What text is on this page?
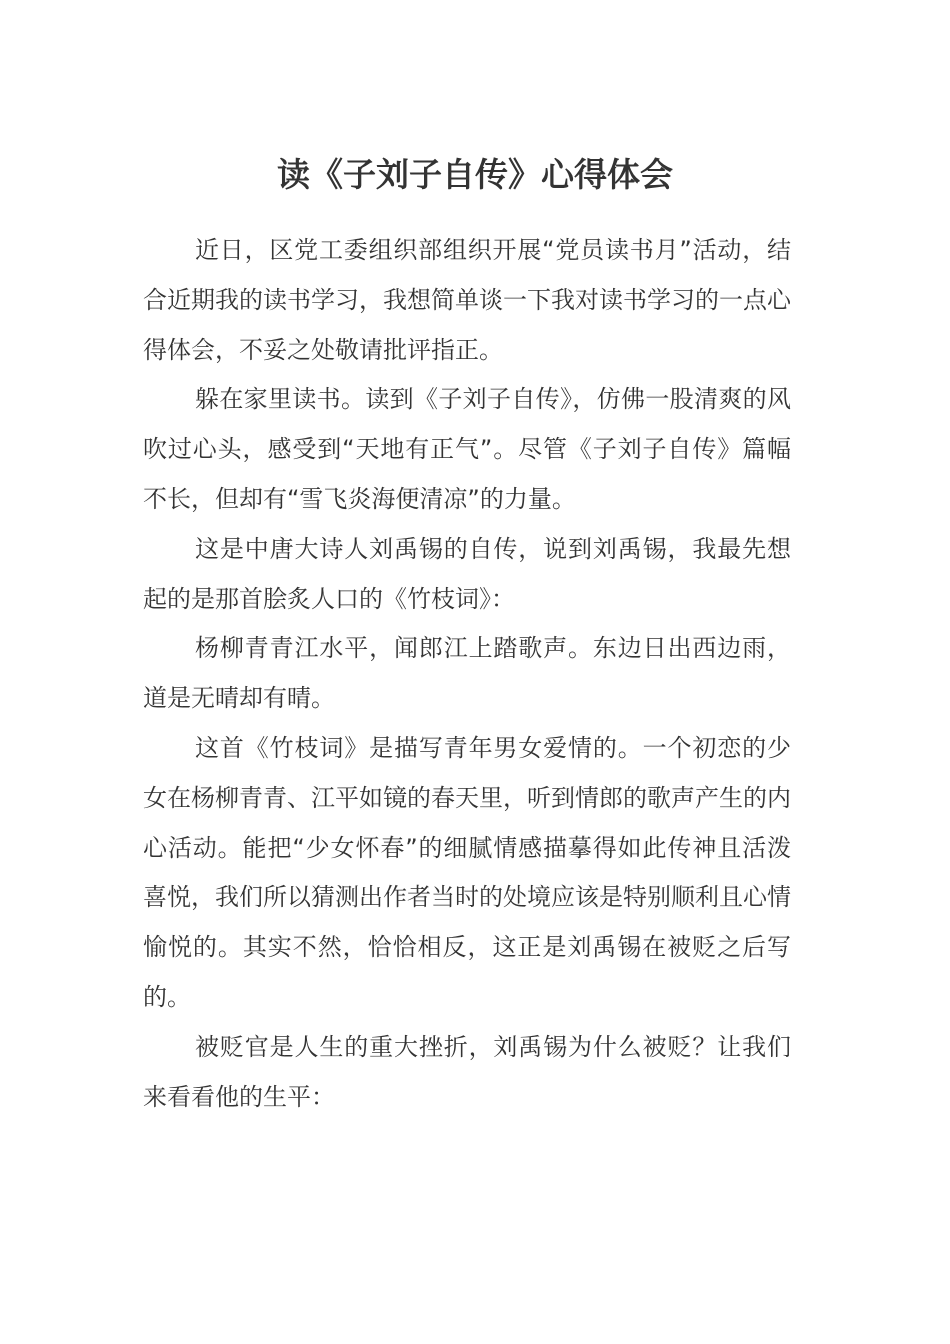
读《子刘子自传》心得体会

近日，区党工委组织部组织开展“党员读书月”活动，结合近期我的读书学习，我想简单谈一下我对读书学习的一点心得体会，不妥之处敬请批评指正。

躲在家里读书。读到《子刘子自传》，仿佛一股清爽的风吹过心头，感受到“天地有正气”。尽管《子刘子自传》篇幅不长，但却有“雪飞炎海便清凉”的力量。

这是中唐大诗人刘禹锡的自传，说到刘禹锡，我最先想起的是那首脍炙人口的《竹枝词》：

杨柳青青江水平，闻郎江上踏歌声。东边日出西边雨，道是无晴却有晴。

这首《竹枝词》是描写青年男女爱情的。一个初恋的少女在杨柳青青、江平如镜的春天里，听到情郎的歌声产生的内心活动。能把“少女怀春”的细腻情感描摹得如此传神且活泼喜悦，我们所以猜测出作者当时的处境应该是特别顺利且心情愉悦的。其实不然，恰恰相反，这正是刘禹锡在被贬之后写的。

被贬官是人生的重大挫折，刘禹锡为什么被贬？让我们来看看他的生平：
